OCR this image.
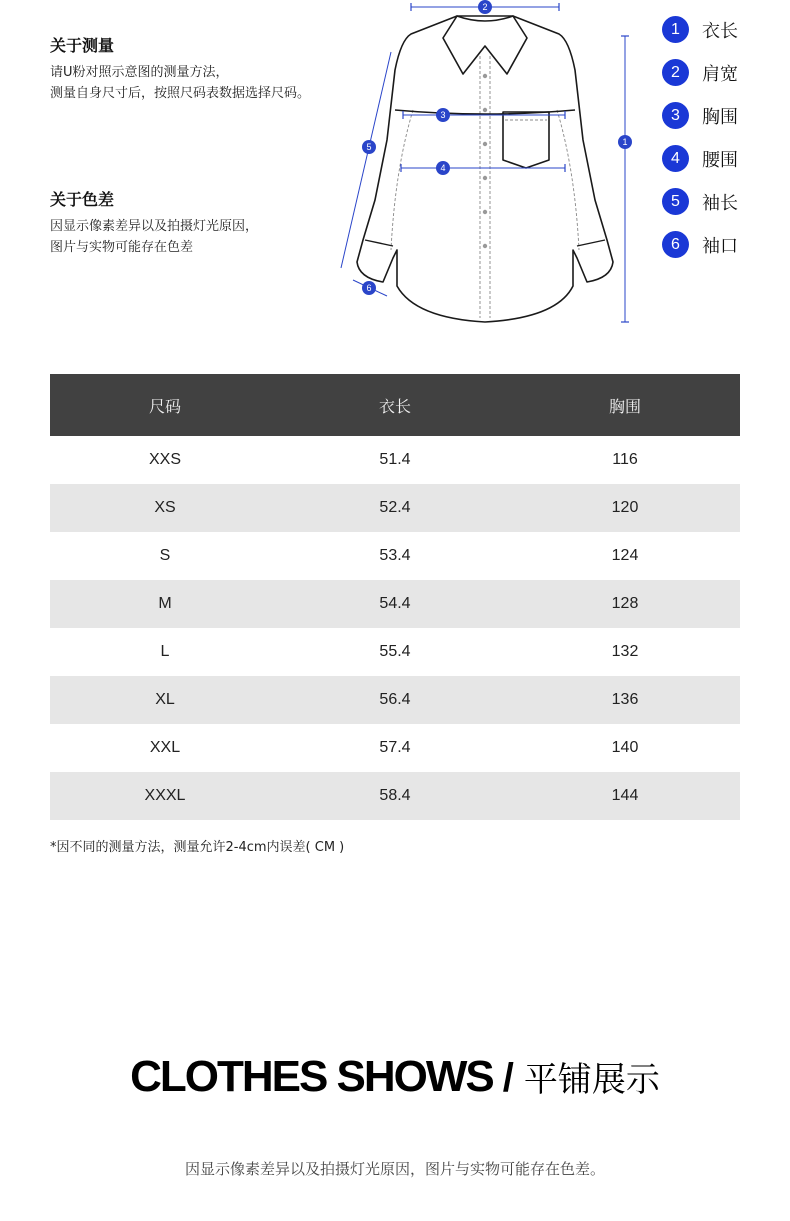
关于测量
请U粉对照示意图的测量方法，
测量自身尺寸后，按照尺码表数据选择尺码。
关于色差
因显示像素差异以及拍摄灯光原因，
图片与实物可能存在色差
2
3
4
1
5
6
1	衣长
2	肩宽
3	胸围
4	腰围
5	袖长
6	袖口
尺码	衣长	胸围
XXS	51.4	116
XS	52.4	120
S	53.4	124
M	54.4	128
L	55.4	132
XL	56.4	136
XXL	57.4	140
XXXL	58.4	144
*因不同的测量方法，测量允许2-4cm内误差( CM )
CLOTHES SHOWS / 平铺展示
因显示像素差异以及拍摄灯光原因，图片与实物可能存在色差。
